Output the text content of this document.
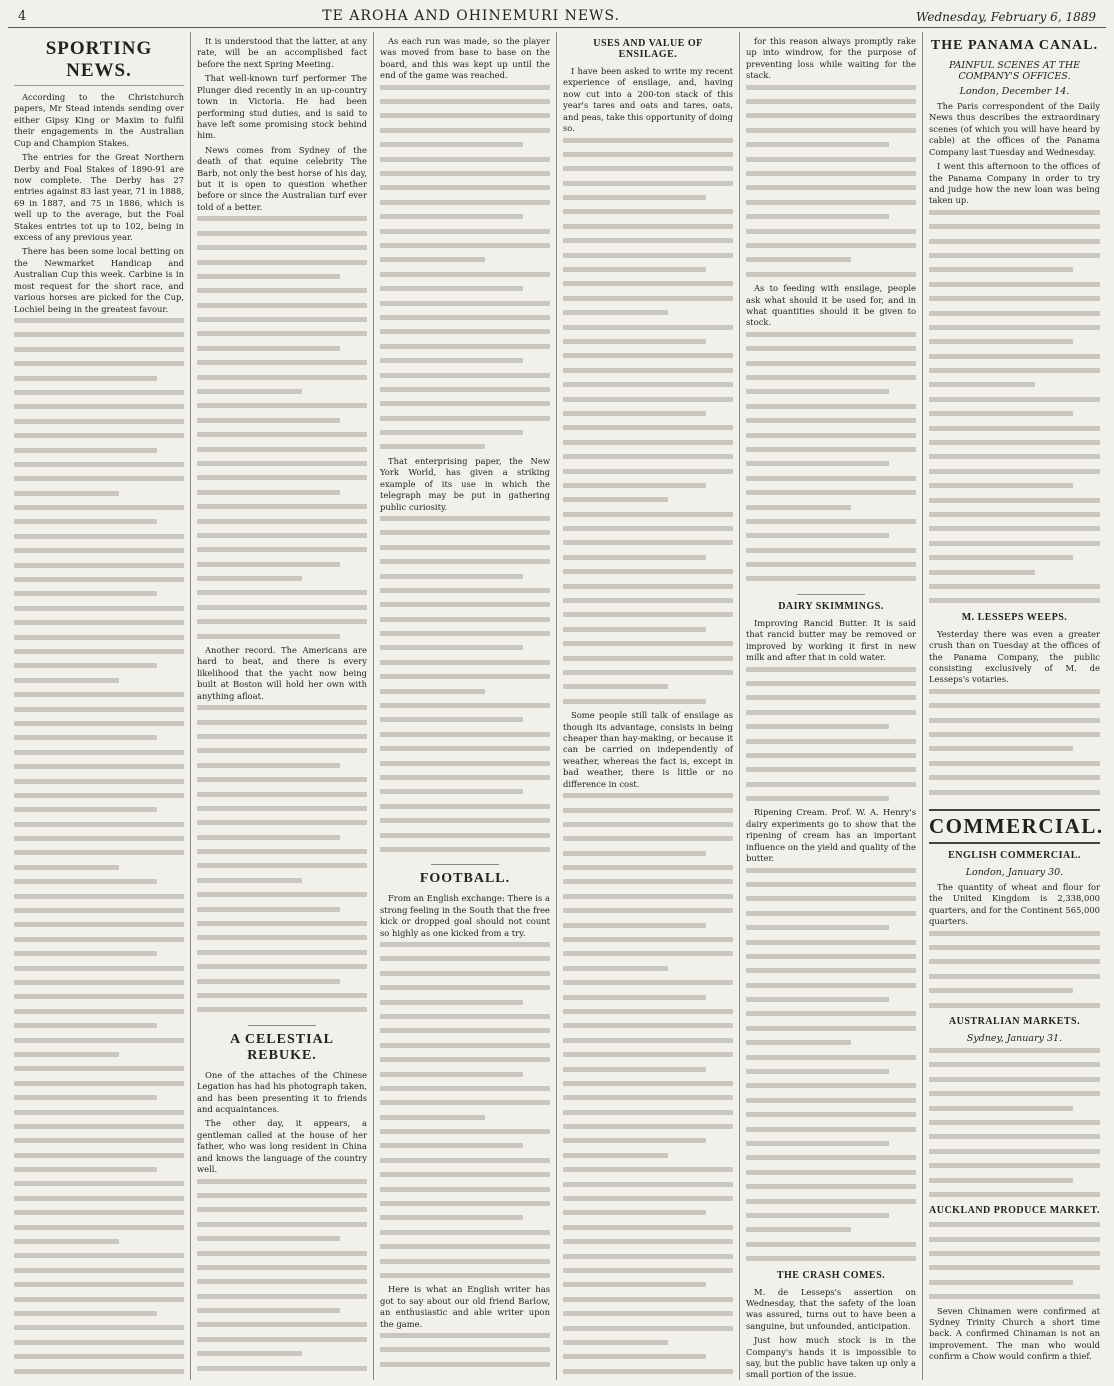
4	TE AROHA AND OHINEMURI NEWS.	Wednesday, February 6, 1889
SPORTING NEWS.

According to the Christchurch papers, Mr Stead intends sending over either Gipsy King or Maxim to fulfil their engagements in the Australian Cup and Champion Stakes.

The entries for the Great Northern Derby and Foal Stakes of 1890-91 are now complete. The Derby has 27 entries against 83 last year, 71 in 1888, 69 in 1887, and 75 in 1886, which is well up to the average, but the Foal Stakes entries tot up to 102, being in excess of any previous year.

There has been some local betting on the Newmarket Handicap and Australian Cup this week. Carbine is in most request for the short race, and various horses are picked for the Cup, Lochiel being in the greatest favour.

It is understood that the latter, at any rate, will be an accomplished fact before the next Spring Meeting.

That well-known turf performer The Plunger died recently in an up-country town in Victoria. He had been performing stud duties, and is said to have left some promising stock behind him.

News comes from Sydney of the death of that equine celebrity The Barb, not only the best horse of his day, but it is open to question whether before or since the Australian turf ever told of a better.

Another record. The Americans are hard to beat, and there is every likelihood that the yacht now being built at Boston will hold her own with anything afloat.

A CELESTIAL REBUKE.

One of the attaches of the Chinese Legation has had his photograph taken, and has been presenting it to friends and acquaintances.

The other day, it appears, a gentleman called at the house of her father, who was long resident in China and knows the language of the country well.

As each run was made, so the player was moved from base to base on the board, and this was kept up until the end of the game was reached.

That enterprising paper, the New York World, has given a striking example of its use in which the telegraph may be put in gathering public curiosity.

FOOTBALL.

From an English exchange: There is a strong feeling in the South that the free kick or dropped goal should not count so highly as one kicked from a try.

Here is what an English writer has got to say about our old friend Barlow, an enthusiastic and able writer upon the game.

USES AND VALUE OF ENSILAGE.

I have been asked to write my recent experience of ensilage, and, having now cut into a 200-ton stack of this year's tares and oats and tares, oats, and peas, take this opportunity of doing so.

Some people still talk of ensilage as though its advantage, consists in being cheaper than hay-making, or because it can be carried on independently of weather, whereas the fact is, except in bad weather, there is little or no difference in cost.

for this reason always promptly rake up into windrow, for the purpose of preventing loss while waiting for the stack.

As to feeding with ensilage, people ask what should it be used for, and in what quantities should it be given to stock.

DAIRY SKIMMINGS.

Improving Rancid Butter. It is said that rancid butter may be removed or improved by working it first in new milk and after that in cold water.

Ripening Cream. Prof. W. A. Henry's dairy experiments go to show that the ripening of cream has an important influence on the yield and quality of the butter.

THE CRASH COMES.

M. de Lesseps's assertion on Wednesday, that the safety of the loan was assured, turns out to have been a sanguine, but unfounded, anticipation.

Just how much stock is in the Company's hands it is impossible to say, but the public have taken up only a small portion of the issue.

THE PANAMA CANAL.
PAINFUL SCENES AT THE COMPANY'S OFFICES.
London, December 14.

The Paris correspondent of the Daily News thus describes the extraordinary scenes (of which you will have heard by cable) at the offices of the Panama Company last Tuesday and Wednesday.

I went this afternoon to the offices of the Panama Company in order to try and judge how the new loan was being taken up.

M. LESSEPS WEEPS.

Yesterday there was even a greater crush than on Tuesday at the offices of the Panama Company, the public consisting exclusively of M. de Lesseps's votaries.

COMMERCIAL.
ENGLISH COMMERCIAL.
London, January 30.

The quantity of wheat and flour for the United Kingdom is 2,338,000 quarters, and for the Continent 565,000 quarters.

AUSTRALIAN MARKETS.
Sydney, January 31.
AUCKLAND PRODUCE MARKET.

Seven Chinamen were confirmed at Sydney Trinity Church a short time back. A confirmed Chinaman is not an improvement. The man who would confirm a Chow would confirm a thief.
